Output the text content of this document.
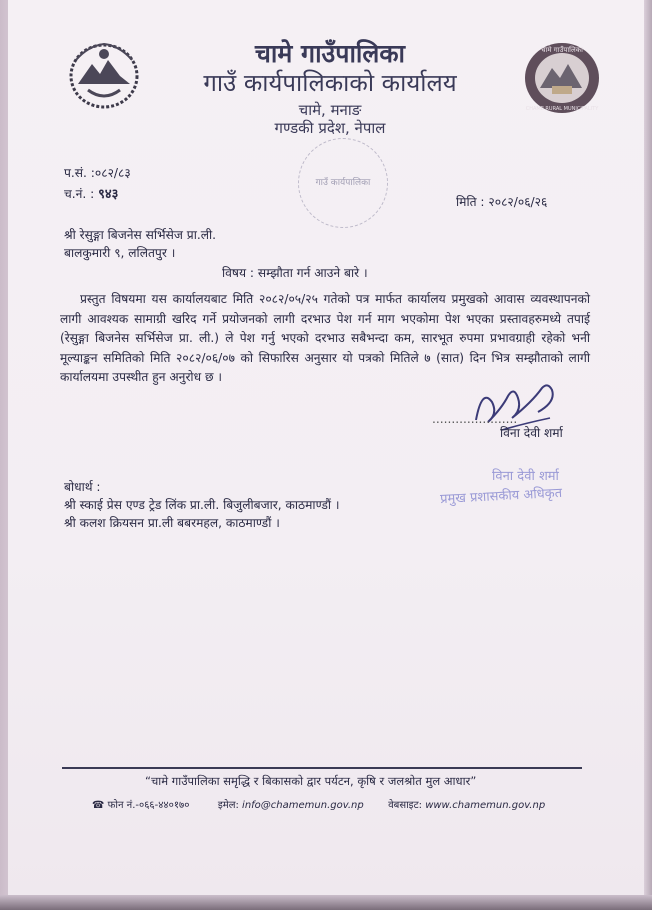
चामे गाउँपालिका
CHAME RURAL MUNICIPALITY
चामे गाउँपालिका
गाउँ कार्यपालिकाको कार्यालय
चामे, मनाङ
गण्डकी प्रदेश, नेपाल
गाउँ कार्यपालिका
प.सं. :०८२/८३
च.नं. : ९४३	मिति : २०८२/०६/२६
श्री रेसुङ्गा बिजनेस सर्भिसेज प्रा.ली.
बालकुमारी ९, ललितपुर ।
विषय : सम्झौता गर्न आउने बारे ।
प्रस्तुत विषयमा यस कार्यालयबाट मिति २०८२/०५/२५ गतेको पत्र मार्फत कार्यालय प्रमुखको आवास व्यवस्थापनको लागी आवश्यक सामाग्री खरिद गर्ने प्रयोजनको लागी दरभाउ पेश गर्न माग भएकोमा पेश भएका प्रस्तावहरुमध्ये तपाई (रेसुङ्गा बिजनेस सर्भिसेज प्रा. ली.) ले पेश गर्नु भएको दरभाउ सबैभन्दा कम, सारभूत रुपमा प्रभावग्राही रहेको भनी मूल्याङ्कन समितिको मिति २०८२/०६/०७ को सिफारिस अनुसार यो पत्रको मितिले ७ (सात) दिन भित्र सम्झौताको लागी कार्यालयमा उपस्थीत हुन अनुरोध छ ।
......................
विना देवी शर्मा
विना देवी शर्मा
प्रमुख प्रशासकीय अधिकृत
बोधार्थ :
श्री स्काई प्रेस एण्ड ट्रेड लिंक प्रा.ली. बिजुलीबजार, काठमाण्डौं ।
श्री कलश क्रियसन प्रा.ली बबरमहल, काठमाण्डौं ।
“चामे गाउँपालिका समृद्धि र बिकासको द्वार पर्यटन, कृषि र जलश्रोत मुल आधार”
☎ फोन नं.-०६६-४४०१७०	इमेल: info@chamemun.gov.np वेबसाइट: www.chamemun.gov.np
